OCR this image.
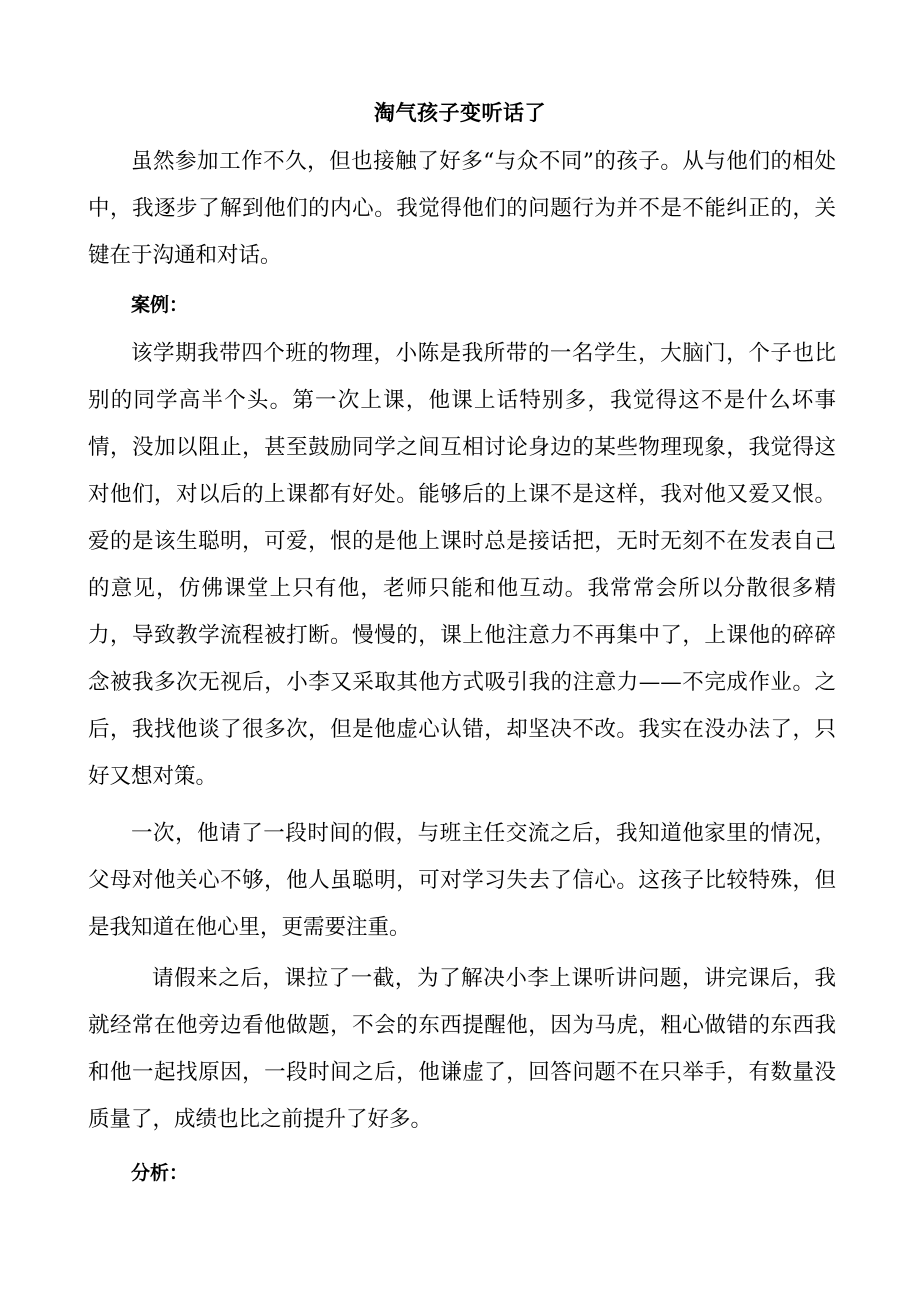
淘气孩子变听话了

虽然参加工作不久，但也接触了好多“与众不同”的孩子。从与他们的相处中，我逐步了解到他们的内心。我觉得他们的问题行为并不是不能纠正的，关键在于沟通和对话。

案例：

该学期我带四个班的物理，小陈是我所带的一名学生，大脑门，个子也比别的同学高半个头。第一次上课，他课上话特别多，我觉得这不是什么坏事情，没加以阻止，甚至鼓励同学之间互相讨论身边的某些物理现象，我觉得这对他们，对以后的上课都有好处。能够后的上课不是这样，我对他又爱又恨。爱的是该生聪明，可爱，恨的是他上课时总是接话把，无时无刻不在发表自己的意见，仿佛课堂上只有他，老师只能和他互动。我常常会所以分散很多精力，导致教学流程被打断。慢慢的，课上他注意力不再集中了，上课他的碎碎念被我多次无视后，小李又采取其他方式吸引我的注意力——不完成作业。之后，我找他谈了很多次，但是他虚心认错，却坚决不改。我实在没办法了，只好又想对策。

一次，他请了一段时间的假，与班主任交流之后，我知道他家里的情况，父母对他关心不够，他人虽聪明，可对学习失去了信心。这孩子比较特殊，但是我知道在他心里，更需要注重。

请假来之后，课拉了一截，为了解决小李上课听讲问题，讲完课后，我就经常在他旁边看他做题，不会的东西提醒他，因为马虎，粗心做错的东西我和他一起找原因，一段时间之后，他谦虚了，回答问题不在只举手，有数量没质量了，成绩也比之前提升了好多。

分析：
